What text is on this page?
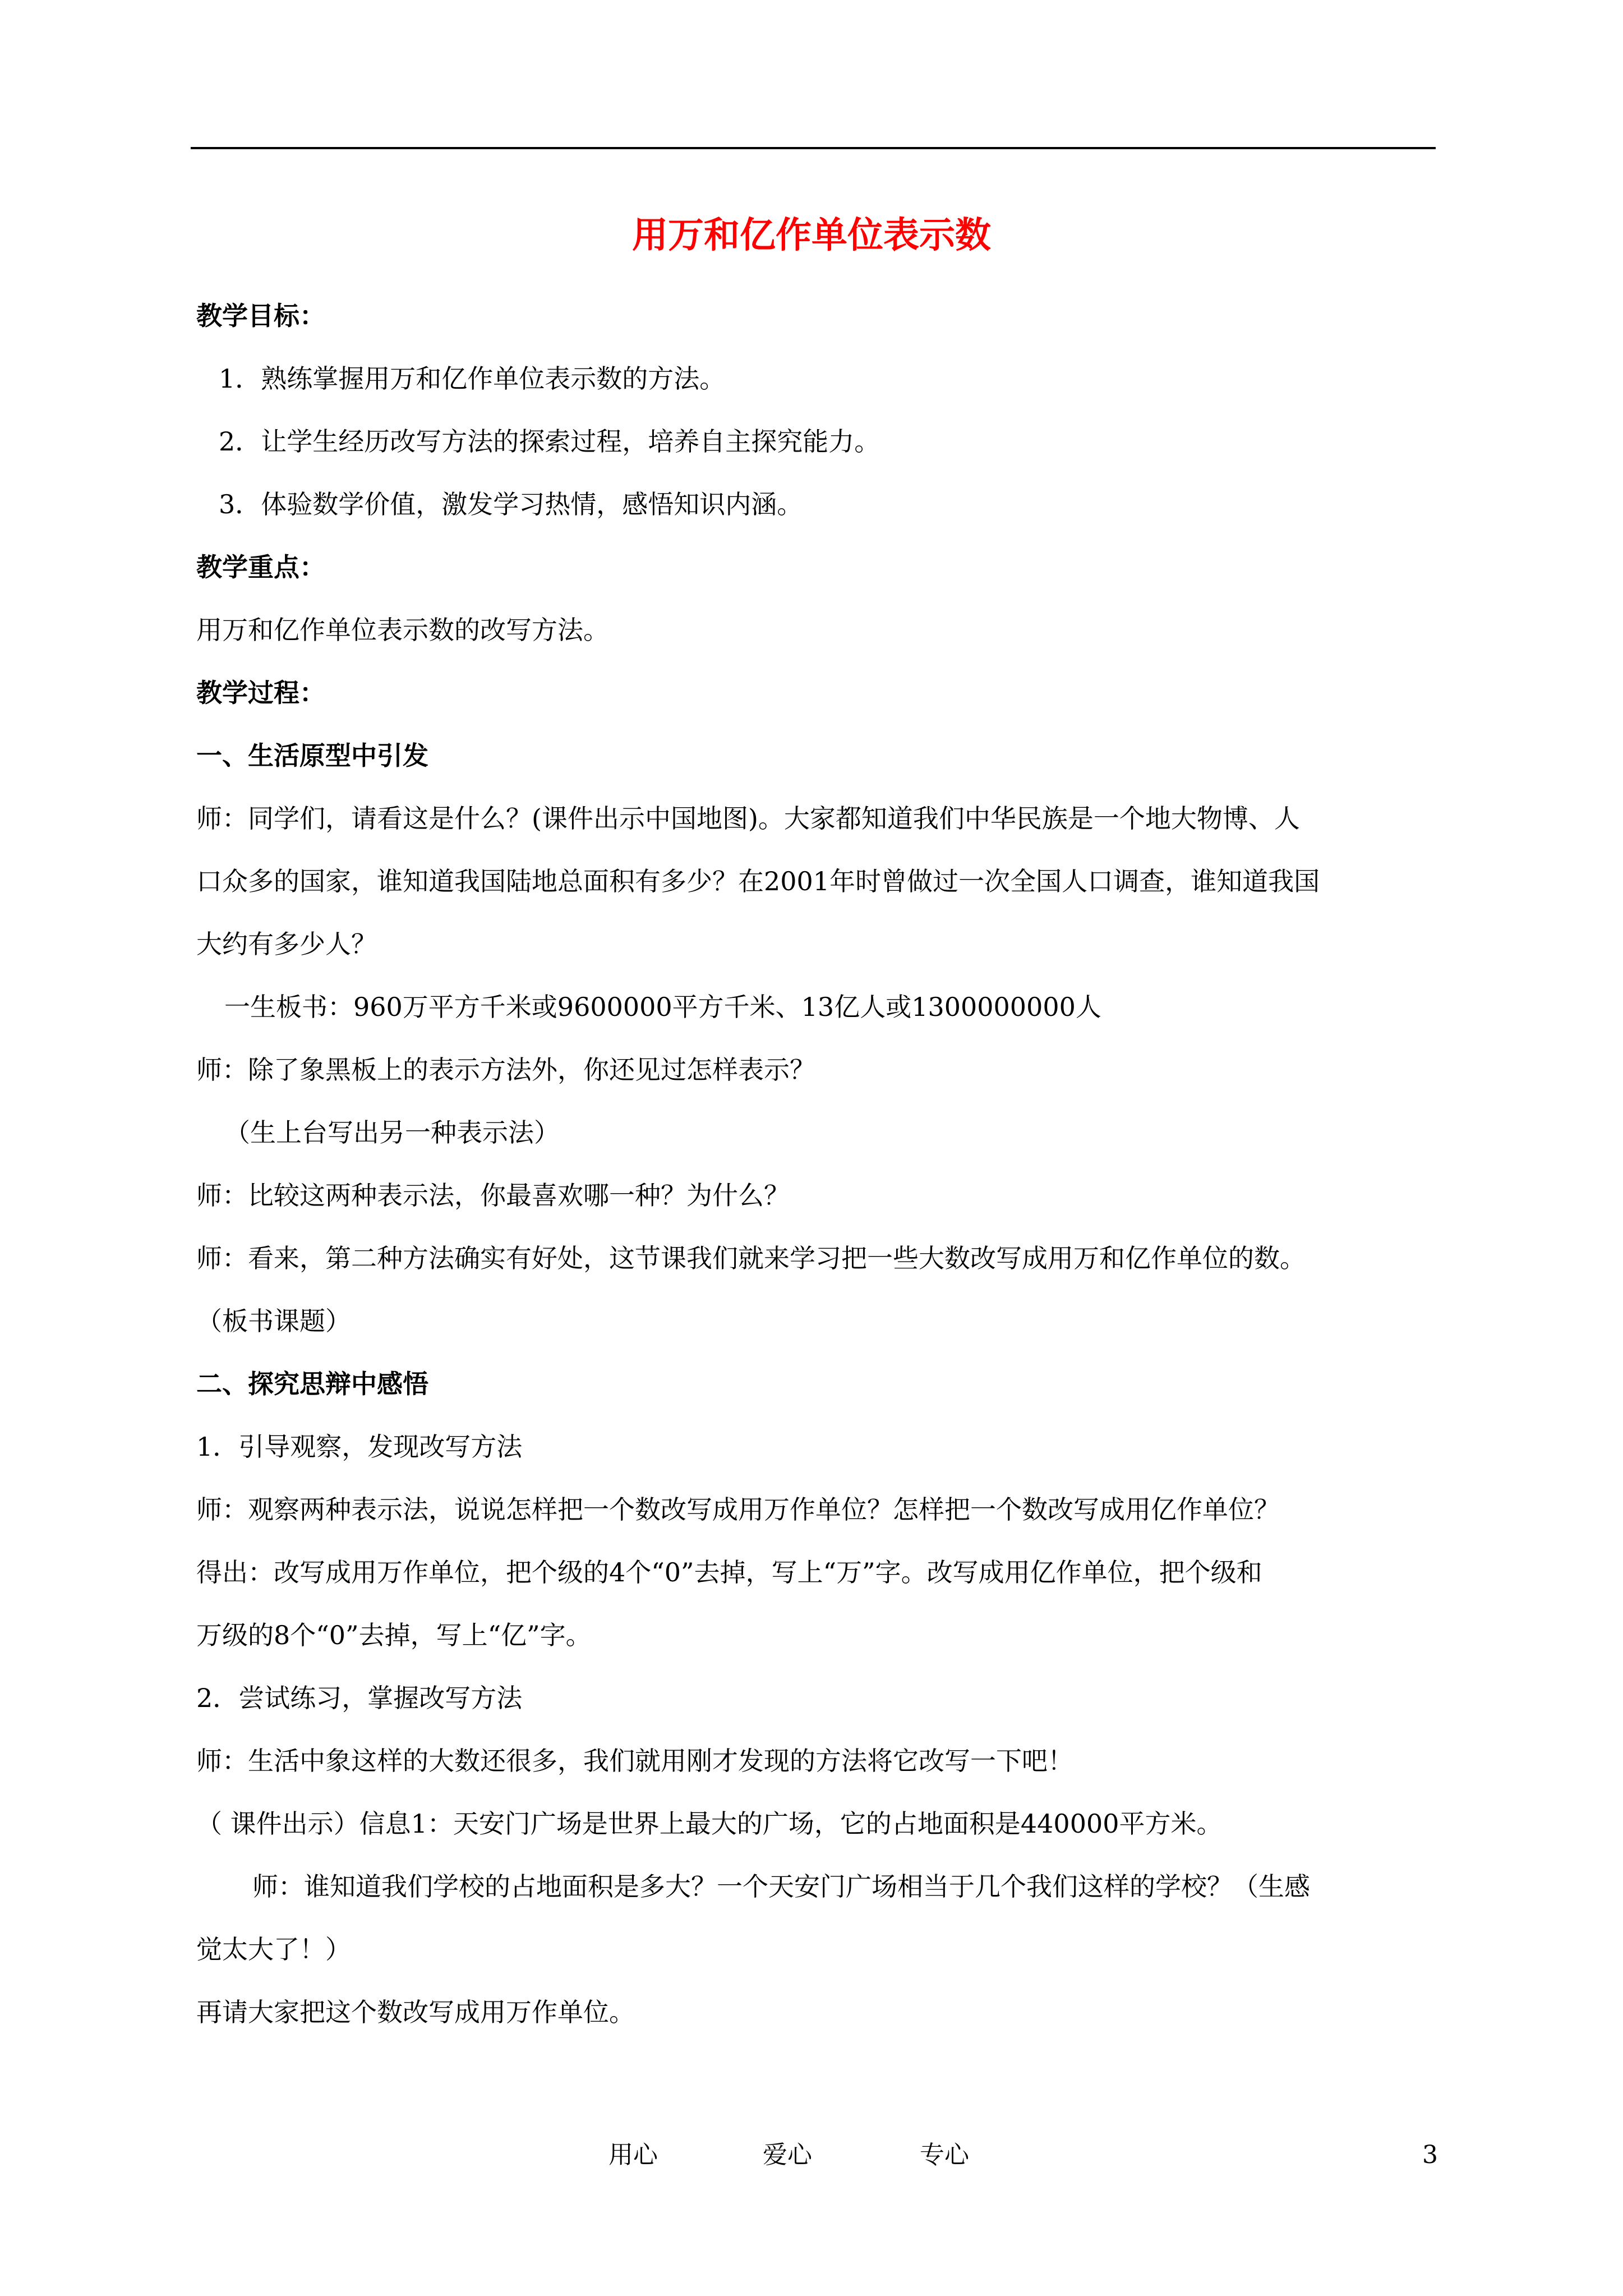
用万和亿作单位表示数

教学目标：

1．熟练掌握用万和亿作单位表示数的方法。

2．让学生经历改写方法的探索过程，培养自主探究能力。

3．体验数学价值，激发学习热情，感悟知识内涵。

教学重点：

用万和亿作单位表示数的改写方法。

教学过程：

一、生活原型中引发

师：同学们，请看这是什么？(课件出示中国地图)。大家都知道我们中华民族是一个地大物博、人

口众多的国家，谁知道我国陆地总面积有多少？在2001年时曾做过一次全国人口调查，谁知道我国

大约有多少人？

一生板书：960万平方千米或9600000平方千米、13亿人或1300000000人

师：除了象黑板上的表示方法外，你还见过怎样表示？

（生上台写出另一种表示法）

师：比较这两种表示法，你最喜欢哪一种？为什么？

师：看来，第二种方法确实有好处，这节课我们就来学习把一些大数改写成用万和亿作单位的数。

（板书课题）

二、探究思辩中感悟

1．引导观察，发现改写方法

师：观察两种表示法，说说怎样把一个数改写成用万作单位？怎样把一个数改写成用亿作单位？

得出：改写成用万作单位，把个级的4个“0”去掉，写上“万”字。改写成用亿作单位，把个级和

万级的8个“0”去掉，写上“亿”字。

2．尝试练习，掌握改写方法

师：生活中象这样的大数还很多，我们就用刚才发现的方法将它改写一下吧！

（ 课件出示）信息1：天安门广场是世界上最大的广场，它的占地面积是440000平方米。

师：谁知道我们学校的占地面积是多大？一个天安门广场相当于几个我们这样的学校？（生感

觉太大了！）

再请大家把这个数改写成用万作单位。

用心	爱心	专心	3
